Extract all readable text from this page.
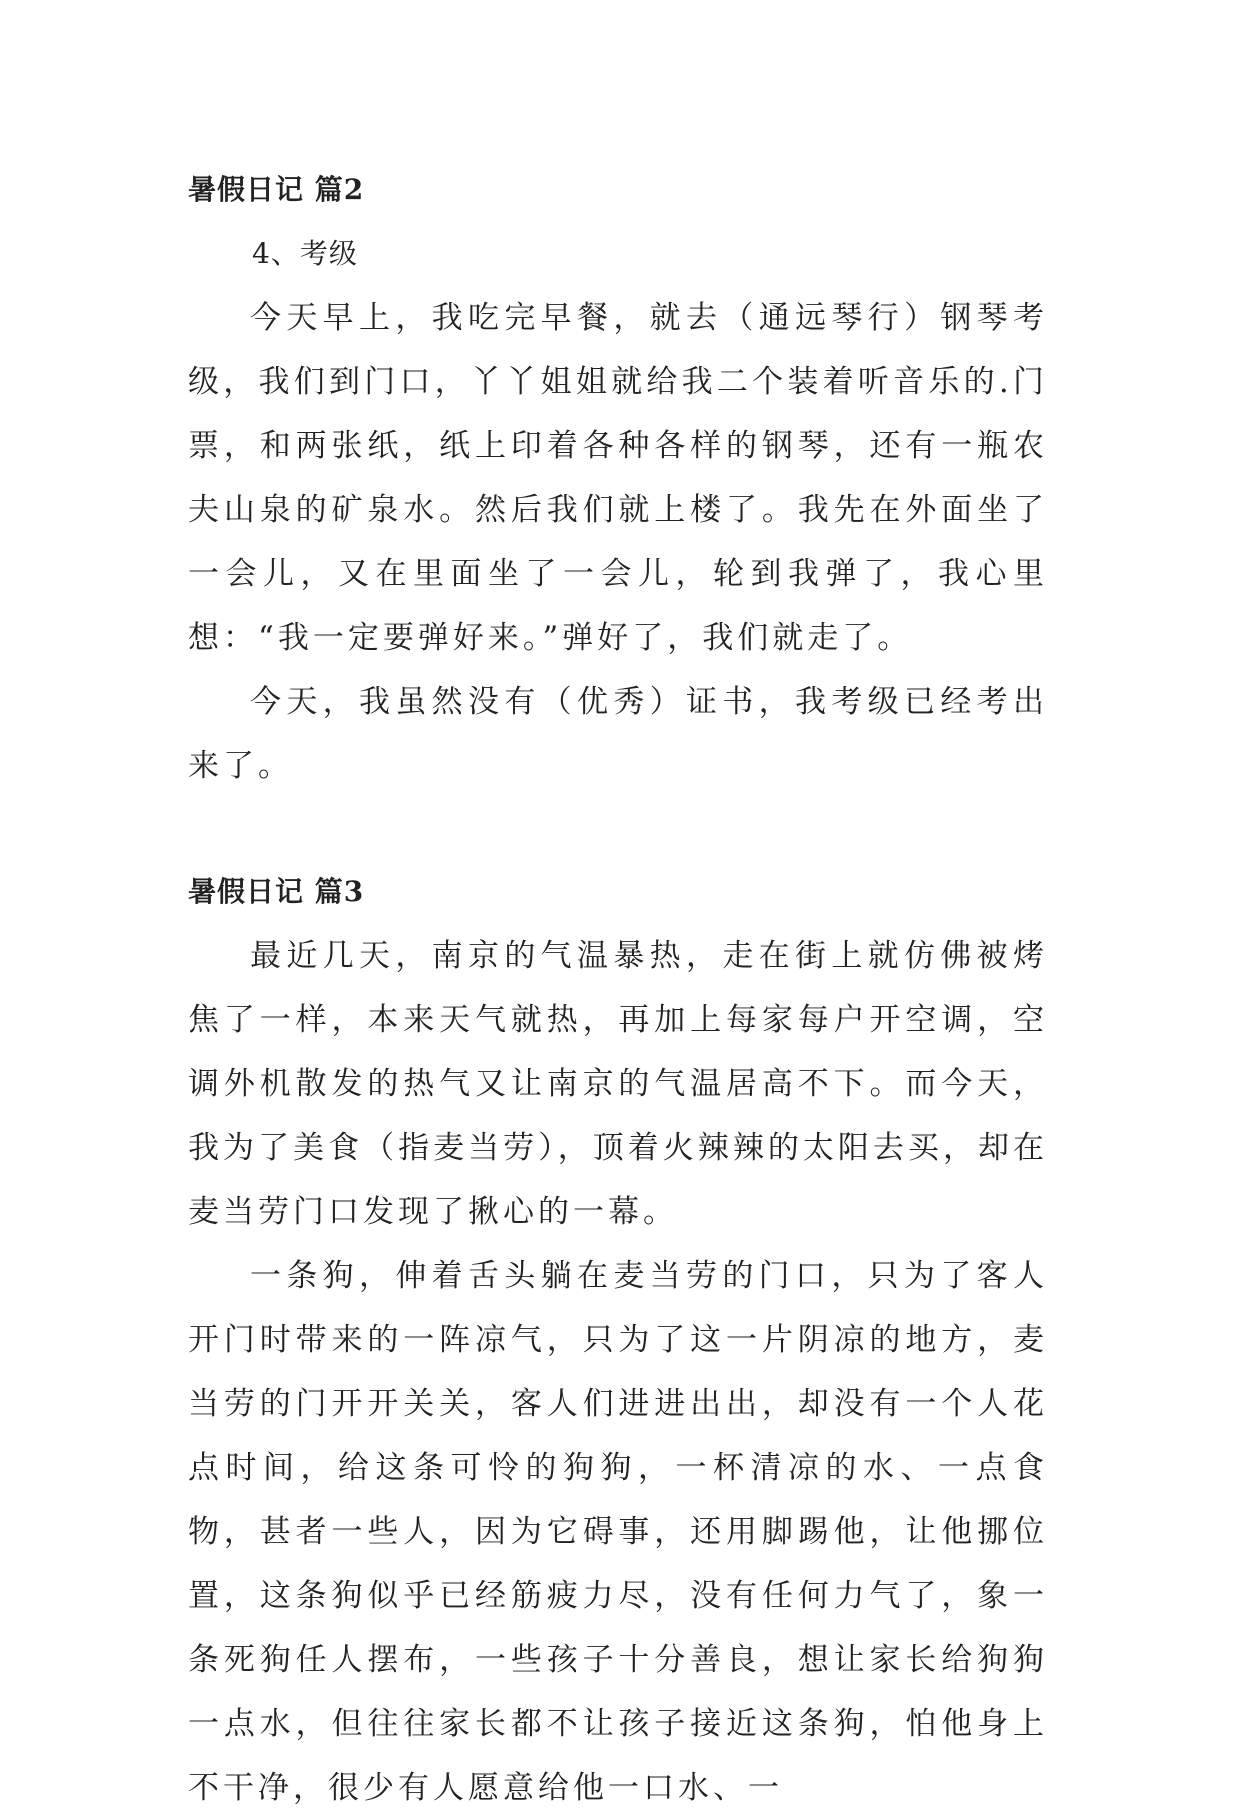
暑假日记 篇2

4、考级

今天早上，我吃完早餐，就去（通远琴行）钢琴考级，我们到门口，丫丫姐姐就给我二个装着听音乐的.门票，和两张纸，纸上印着各种各样的钢琴，还有一瓶农夫山泉的矿泉水。然后我们就上楼了。我先在外面坐了一会儿，又在里面坐了一会儿，轮到我弹了，我心里想：“我一定要弹好来。”弹好了，我们就走了。

今天，我虽然没有（优秀）证书，我考级已经考出来了。

暑假日记 篇3

最近几天，南京的气温暴热，走在街上就仿佛被烤焦了一样，本来天气就热，再加上每家每户开空调，空调外机散发的热气又让南京的气温居高不下。而今天，我为了美食（指麦当劳），顶着火辣辣的太阳去买，却在麦当劳门口发现了揪心的一幕。

一条狗，伸着舌头躺在麦当劳的门口，只为了客人开门时带来的一阵凉气，只为了这一片阴凉的地方，麦当劳的门开开关关，客人们进进出出，却没有一个人花点时间，给这条可怜的狗狗，一杯清凉的水、一点食物，甚者一些人，因为它碍事，还用脚踢他，让他挪位置，这条狗似乎已经筋疲力尽，没有任何力气了，象一条死狗任人摆布，一些孩子十分善良，想让家长给狗狗一点水，但往往家长都不让孩子接近这条狗，怕他身上不干净，很少有人愿意给他一口水、一
